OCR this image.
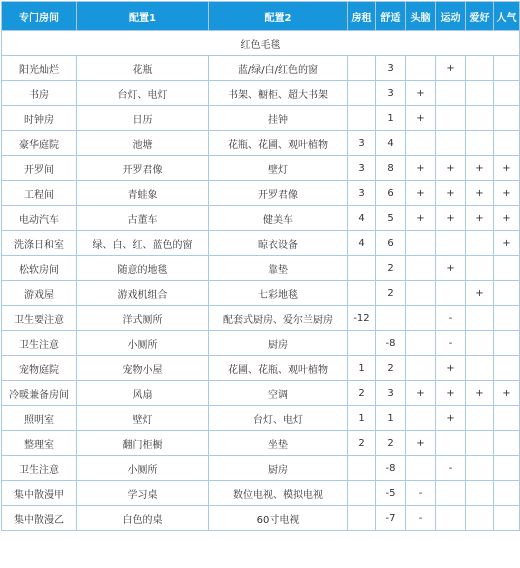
专门房间	配置1	配置2	房租	舒适	头脑	运动	爱好	人气
红色毛毯								
阳光灿烂	花瓶	蓝/绿/白/红色的窗		3		+		
书房	台灯、电灯	书架、橱柜、超大书架		3	+			
时钟房	日历	挂钟		1	+			
豪华庭院	池塘	花瓶、花圃、观叶植物	3	4				
开罗间	开罗君像	壁灯	3	8	+	+	+	+
工程间	青蛙象	开罗君像	3	6	+	+	+	+
电动汽车	古董车	健美车	4	5	+	+	+	+
洗涤日和室	绿、白、红、蓝色的窗	晾衣设备	4	6				+
松软房间	随意的地毯	靠垫		2		+		
游戏屋	游戏机组合	七彩地毯		2			+	
卫生要注意	洋式厕所	配套式厨房、爱尔兰厨房	-12			-		
卫生注意	小厕所	厨房		-8		-		
宠物庭院	宠物小屋	花圃、花瓶、观叶植物	1	2		+		
冷暖兼备房间	风扇	空调	2	3	+	+	+	+
照明室	壁灯	台灯、电灯	1	1		+		
整理室	翻门柜橱	坐垫	2	2	+			
卫生注意	小厕所	厨房		-8		-		
集中散漫甲	学习桌	数位电视、模拟电视		-5	-			
集中散漫乙	白色的桌	60寸电视		-7	-			
